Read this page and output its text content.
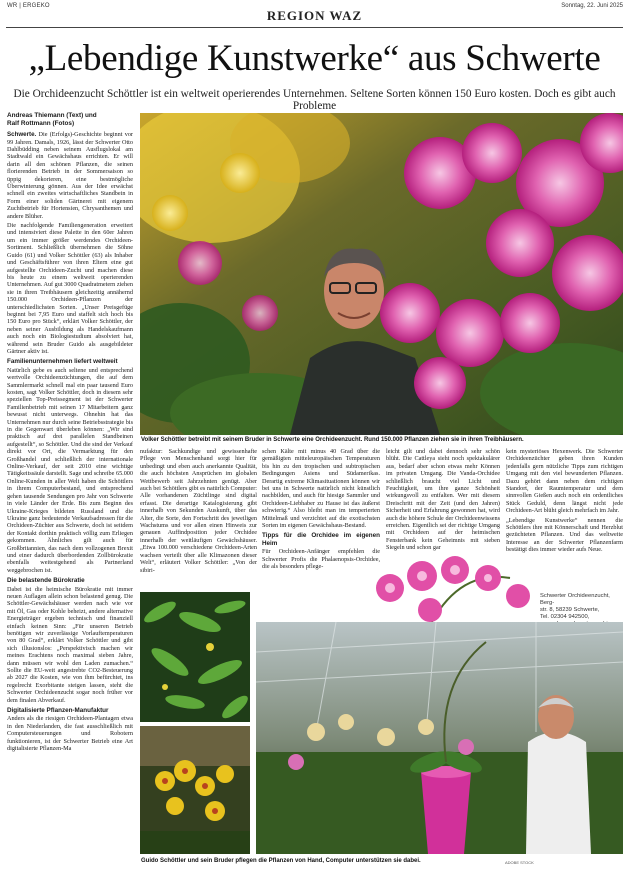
WR | ERGEKO
REGION WAZ
Sonntag, 22. Juni 2025
„Lebendige Kunstwerke“ aus Schwerte
Die Orchideenzucht Schöttler ist ein weltweit operierendes Unternehmen. Seltene Sorten können 150 Euro kosten. Doch es gibt auch Probleme
Andreas Thiemann (Text) und
Ralf Rottmann (Fotos)

Schwerte. Die (Erfolgs)-Geschichte beginnt vor 99 Jahren. Damals, 1926, lässt der Schwerter Otto Dahlbüdding neben seinem Ausflugslokal am Stadtwald ein Gewächshaus errichten. Er will darin all den schönen Pflanzen, die seinen florierenden Betrieb in der Sommersaison so üppig dekorieren, eine bestmögliche Überwinterung gönnen. Aus der Idee erwächst schnell ein zweites wirtschaftliches Standbein in Form einer soliden Gärtnerei mit eigenem Zuchtbetrieb für Hortensien, Chrysanthemen und andere Blüher.

Die nachfolgende Familiengeneration erweitert und intensiviert diese Palette in den 60er Jahren um ein immer größer werdendes Orchideen-Sortiment. Schließlich übernehmen die Söhne Guido (61) und Volker Schöttler (63) als Inhaber und Geschäftsführer von ihren Eltern eine gut aufgestellte Orchideen-Zucht und machen diese bis heute zu einem weltweit operierenden Unternehmen. Auf gut 3000 Quadratmetern ziehen sie in ihren Treibhäusern gleichzeitig annähernd 150.000 Orchideen-Pflanzen der unterschiedlichsten Sorten. „Unser Preisgefüge beginnt bei 7,95 Euro und staffelt sich hoch bis 150 Euro pro Stück“, erklärt Volker Schöttler, der neben seiner Ausbildung als Handelskaufmann auch noch ein Biologiestudium absolviert hat, während sein Bruder Guido als ausgebildeter Gärtner aktiv ist.

Familienunternehmen liefert weltweit

Natürlich gebe es auch seltene und entsprechend wertvolle Orchideenzüchtungen, die auf dem Sammlermarkt schnell mal ein paar tausend Euro kosten, sagt Volker Schöttler, doch in diesem sehr speziellen Top-Preissegment ist der Schwerter Familienbetrieb mit seinen 17 Mitarbeitern ganz bewusst nicht unterwegs. Ohnehin hat das Unternehmen nur durch seine Betriebsstrategie bis in die Gegenwart überleben können: „Wir sind praktisch auf drei parallelen Standbeinen aufgestellt“, so Schöttler. Und die sind der Verkauf direkt vor Ort, die Vermarktung für den Großhandel und schließlich der internationale Online-Verkauf, der seit 2010 eine wichtige Tätigkeitssäule darstellt. Sage und schreibe 65.000 Online-Kunden in aller Welt haben die Schöttlers in ihrem Computerbestand, und entsprechend gehen tausende Sendungen pro Jahr von Schwerte in viele Länder der Erde. Bis zum Beginn des Ukraine-Krieges bildeten Russland und die Ukraine ganz bedeutende Verkaufsadressen für die Orchideen-Züchter aus Schwerte, doch ist seitdem der Kontakt dorthin praktisch völlig zum Erliegen gekommen. Ähnliches gilt auch für Großbritannien, das nach dem vollzogenen Brexit und einer dadurch überbordenden Zollbürokratie ebenfalls weitestgehend als Partnerland weggebrochen ist.

Die belastende Bürokratie

Dabei ist die heimische Bürokratie mit immer neuen Auflagen allein schon belastend genug. Die Schöttler-Gewächshäuser werden nach wie vor mit Öl, Gas oder Kohle beheizt, andere alternative Energieträger ergeben technisch und finanziell einfach keinen Sinn: „Für unseren Betrieb benötigen wir zuverlässige Vorlauftemperaturen von 80 Grad“, erklärt Volker Schöttler und gibt sich illusionslos: „Perspektivisch machen wir meines Erachtens noch maximal sieben Jahre, dann müssen wir wohl den Laden zumachen.“ Sollte die EU-weit angestrebte CO2-Besteuerung ab 2027 die Kosten, wie von ihm befürchtet, ins regelrecht Exorbitante steigen lassen, steht die Schwerter Orchideenzucht sogar noch früher vor dem finalen Abverkauf.

Digitalisierte Pflanzen-Manufaktur

Anders als die riesigen Orchideen-Plantagen etwa in den Niederlanden, die fast ausschließlich mit Computersteuerungen und Robotern funktionieren, ist der Schwerter Betrieb eine Art digitalisierte Pflanzen-Ma

Volker Schöttler betreibt mit seinem Bruder in Schwerte eine Orchideenzucht. Rund 150.000 Pflanzen ziehen sie in ihren Treibhäusern.

nufaktur: Sachkundige und gewissenhafte Pflege von Menschenhand sorgt hier für unbedingt und eben auch anerkannte Qualität, die auch höchsten Ansprüchen im globalen Wettbewerb seit Jahrzehnten genügt. Aber auch bei Schöttlers gibt es natürlich Computer: Alle vorhandenen Züchtlinge sind digital erfasst. Die derartige Katalogisierung gibt innerhalb von Sekunden Auskunft, über das Alter, die Sorte, den Fortschritt des jeweiligen Wachstums und vor allen einen Hinweis zur genauen Auffindposition jeder Orchidee innerhalb der weitläufigen Gewächshäuser. „Etwa 100.000 verschiedene Orchideen-Arten wachsen verteilt über alle Klimazonen dieser Welt“, erläutert Volker Schöttler: „Von der sibiri-

schen Kälte mit minus 40 Grad über die gemäßigten mitteleuropäischen Temperaturen bis hin zu den tropischen und subtropischen Bedingungen Asiens und Südamerikas. Derartig extreme Klimasituationen können wir bei uns in Schwerte natürlich nicht künstlich nachbilden, und auch für hiesige Sammler und Orchideen-Liebhaber zu Hause ist das äußerst schwierig.“ Also bleibt man im temperierten Mittelmaß und verzichtet auf die exotischsten Sorten im eigenen Gewächshaus-Bestand.

Tipps für die Orchidee im eigenen Heim

Für Orchideen-Anfänger empfehlen die Schwerter Profis die Phalaenopsis-Orchidee, die als besonders pflege-

leicht gilt und dabei dennoch sehr schön blüht. Die Cattleya sieht noch spektakulärer aus, bedarf aber schon etwas mehr Können im privaten Umgang. Die Vanda-Orchidee schließlich braucht viel Licht und Feuchtigkeit, um ihre ganze Schönheit wirkungsvoll zu entfalten. Wer mit diesem Dreischritt mit der Zeit (und den Jahren) Sicherheit und Erfahrung gewonnen hat, wird auch die höhere Schule der Orchideenwissens erreichen. Eigentlich sei der richtige Umgang mit Orchideen auf der heimischen Fensterbank kein Geheimnis mit sieben Siegeln und schon gar

kein mysteriöses Hexenwerk. Die Schwerter Orchideenzüchter geben ihren Kunden jedenfalls gern nützliche Tipps zum richtigen Umgang mit den viel bewunderten Pflanzen. Dazu gehört dann neben dem richtigen Standort, der Raumtemperatur und dem sinnvollen Gießen auch noch ein ordentliches Stück Geduld, denn längst nicht jede Orchideen-Art blüht gleich mehrfach im Jahr.

„Lebendige Kunstwerke“ nennen die Schöttlers ihre mit Könnerschaft und Herzblut gezüchteten Pflanzen. Und das weltweite Interesse an der Schwerter Pflanzenfarm bestätigt dies immer wieder aufs Neue.

Schwerter Orchideenzucht, Berg-
str. 8, 58239 Schwerte,
Tel. 02304 942500,
Guido Schöttler und sein Bruder pflegen die Pflanzen von Hand, Computer unterstützen sie dabei.	ADOBE STOCK
